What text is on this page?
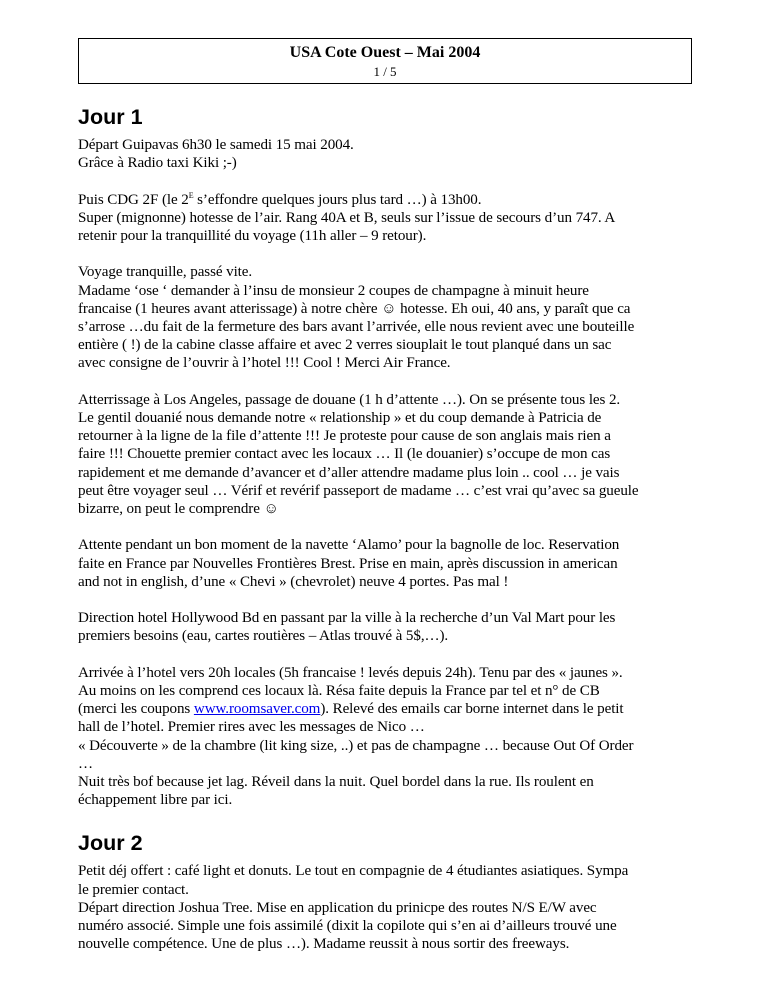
USA Cote Ouest – Mai 2004
1 / 5
Jour 1

Départ Guipavas 6h30 le samedi 15 mai 2004.
Grâce à Radio taxi Kiki ;-)

Puis CDG 2F (le $2^E$ s’effondre quelques jours plus tard …) à 13h00.
Super (mignonne) hotesse de l’air. Rang 40A et B, seuls sur l’issue de secours d’un 747. A
retenir pour la tranquillité du voyage (11h aller – 9 retour).

Voyage tranquille, passé vite.
Madame ‘ose ‘ demander à l’insu de monsieur 2 coupes de champagne à minuit heure
francaise (1 heures avant atterissage) à notre chère ☺ hotesse. Eh oui, 40 ans, y paraît que ca
s’arrose …du fait de la fermeture des bars avant l’arrivée, elle nous revient avec une bouteille
entière ( !) de la cabine classe affaire et avec 2 verres siouplait le tout planqué dans un sac
avec consigne de l’ouvrir à l’hotel !!! Cool ! Merci Air France.

Atterrissage à Los Angeles, passage de douane (1 h d’attente …). On se présente tous les 2.
Le gentil douanié nous demande notre « relationship » et du coup demande à Patricia de
retourner à la ligne de la file d’attente !!! Je proteste pour cause de son anglais mais rien a
faire !!! Chouette premier contact avec les locaux … Il (le douanier) s’occupe de mon cas
rapidement et me demande d’avancer et d’aller attendre madame plus loin .. cool … je vais
peut être voyager seul … Vérif et revérif passeport de madame … c’est vrai qu’avec sa gueule
bizarre, on peut le comprendre ☺

Attente pendant un bon moment de la navette ‘Alamo’ pour la bagnolle de loc. Reservation
faite en France par Nouvelles Frontières Brest. Prise en main, après discussion in american
and not in english, d’une « Chevi » (chevrolet) neuve 4 portes. Pas mal !

Direction hotel Hollywood Bd en passant par la ville à la recherche d’un Val Mart pour les
premiers besoins (eau, cartes routières – Atlas trouvé à 5$,…).

Arrivée à l’hotel vers 20h locales (5h francaise ! levés depuis 24h). Tenu par des « jaunes ».
Au moins on les comprend ces locaux là. Résa faite depuis la France par tel et n° de CB
(merci les coupons www.roomsaver.com). Relevé des emails car borne internet dans le petit
hall de l’hotel. Premier rires avec les messages de Nico …
« Découverte » de la chambre (lit king size, ..) et pas de champagne … because Out Of Order
…
Nuit très bof because jet lag. Réveil dans la nuit. Quel bordel dans la rue. Ils roulent en
échappement libre par ici.

Jour 2

Petit déj offert : café light et donuts. Le tout en compagnie de 4 étudiantes asiatiques. Sympa
le premier contact.
Départ direction Joshua Tree. Mise en application du prinicpe des routes N/S E/W avec
numéro associé. Simple une fois assimilé (dixit la copilote qui s’en ai d’ailleurs trouvé une
nouvelle compétence. Une de plus …). Madame reussit à nous sortir des freeways.
